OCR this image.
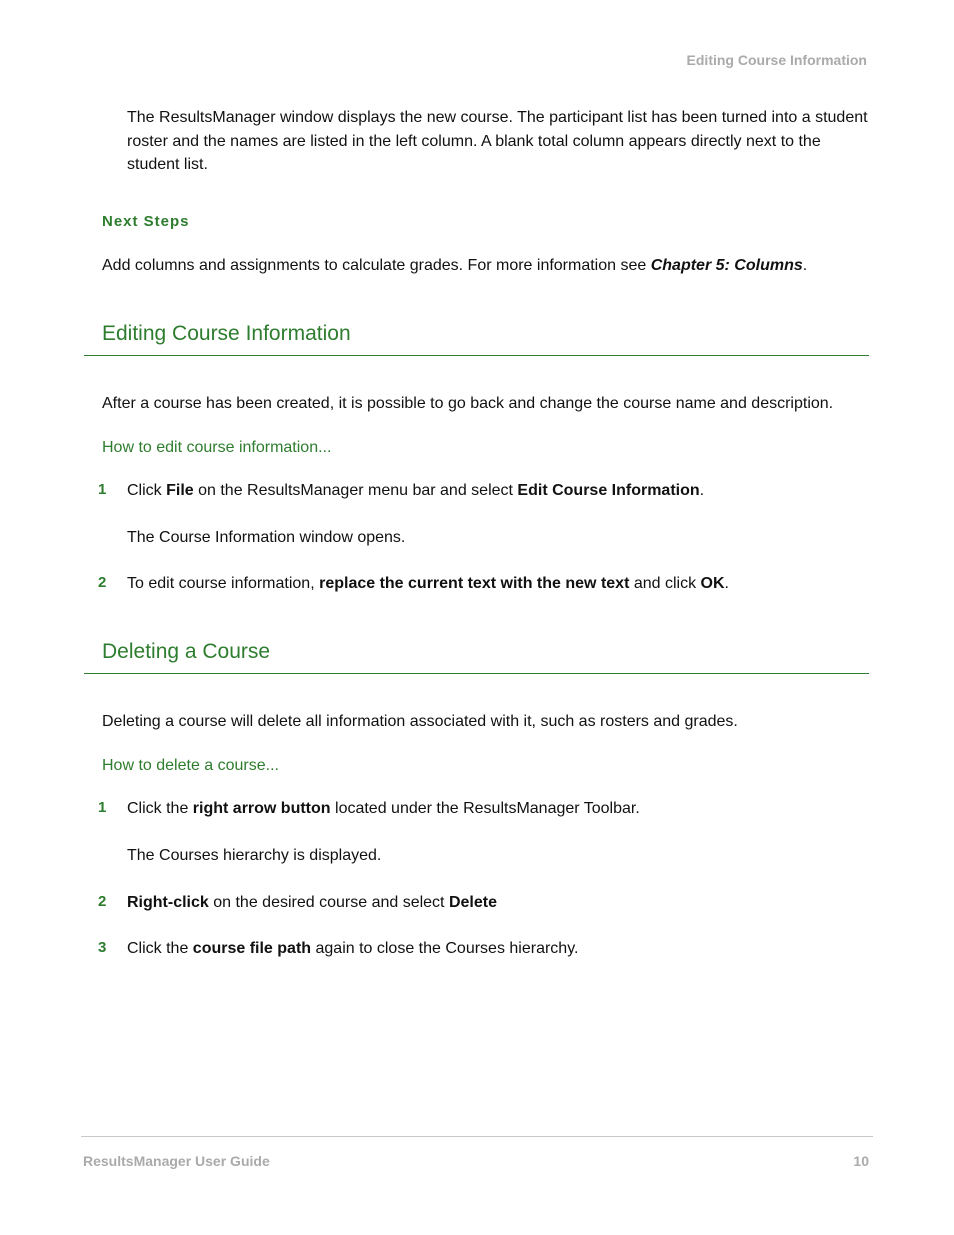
Editing Course Information
The ResultsManager window displays the new course. The participant list has been turned into a student roster and the names are listed in the left column. A blank total column appears directly next to the student list.
Next Steps
Add columns and assignments to calculate grades. For more information see Chapter 5: Columns.
Editing Course Information
After a course has been created, it is possible to go back and change the course name and description.
How to edit course information...
1 Click File on the ResultsManager menu bar and select Edit Course Information.
The Course Information window opens.
2 To edit course information, replace the current text with the new text and click OK.
Deleting a Course
Deleting a course will delete all information associated with it, such as rosters and grades.
How to delete a course...
1 Click the right arrow button located under the ResultsManager Toolbar.
The Courses hierarchy is displayed.
2 Right-click on the desired course and select Delete
3 Click the course file path again to close the Courses hierarchy.
ResultsManager User Guide	10
